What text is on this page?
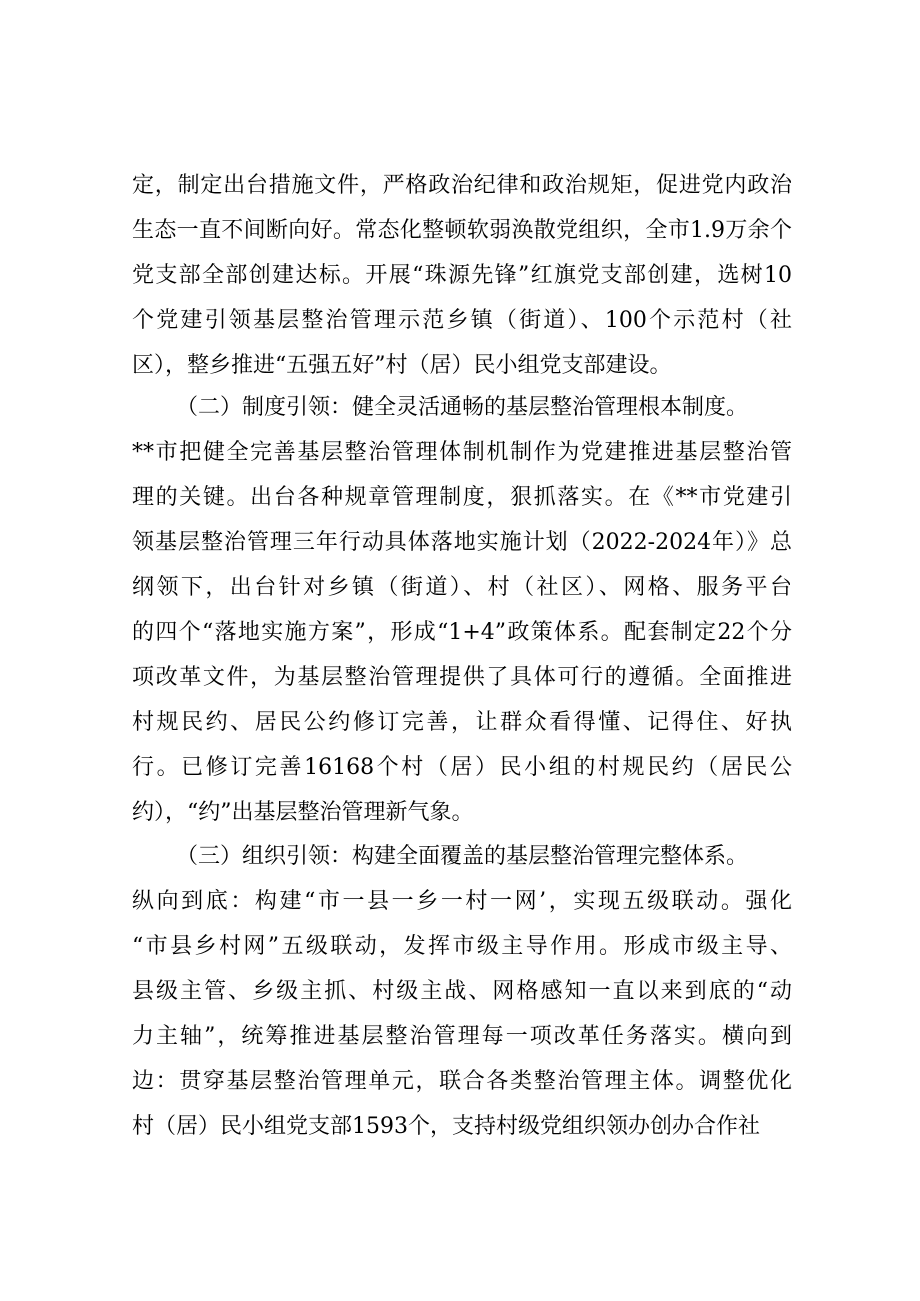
定，制定出台措施文件，严格政治纪律和政治规矩，促进党内政治
生态一直不间断向好。常态化整顿软弱涣散党组织，全市1.9万余个
党支部全部创建达标。开展“珠源先锋”红旗党支部创建，选树10
个党建引领基层整治管理示范乡镇（街道）、100个示范村（社
区），整乡推进“五强五好”村（居）民小组党支部建设。
（二）制度引领：健全灵活通畅的基层整治管理根本制度。
**市把健全完善基层整治管理体制机制作为党建推进基层整治管
理的关键。出台各种规章管理制度，狠抓落实。在《**市党建引
领基层整治管理三年行动具体落地实施计划（2022-2024年）》总
纲领下，出台针对乡镇（街道）、村（社区）、网格、服务平台
的四个“落地实施方案”，形成“1+4”政策体系。配套制定22个分
项改革文件，为基层整治管理提供了具体可行的遵循。全面推进
村规民约、居民公约修订完善，让群众看得懂、记得住、好执
行。已修订完善16168个村（居）民小组的村规民约（居民公
约），“约”出基层整治管理新气象。
（三）组织引领：构建全面覆盖的基层整治管理完整体系。
纵向到底：构建“市一县一乡一村一网’，实现五级联动。强化
“市县乡村网”五级联动，发挥市级主导作用。形成市级主导、
县级主管、乡级主抓、村级主战、网格感知一直以来到底的“动
力主轴”，统筹推进基层整治管理每一项改革任务落实。横向到
边：贯穿基层整治管理单元，联合各类整治管理主体。调整优化
村（居）民小组党支部1593个，支持村级党组织领办创办合作社
